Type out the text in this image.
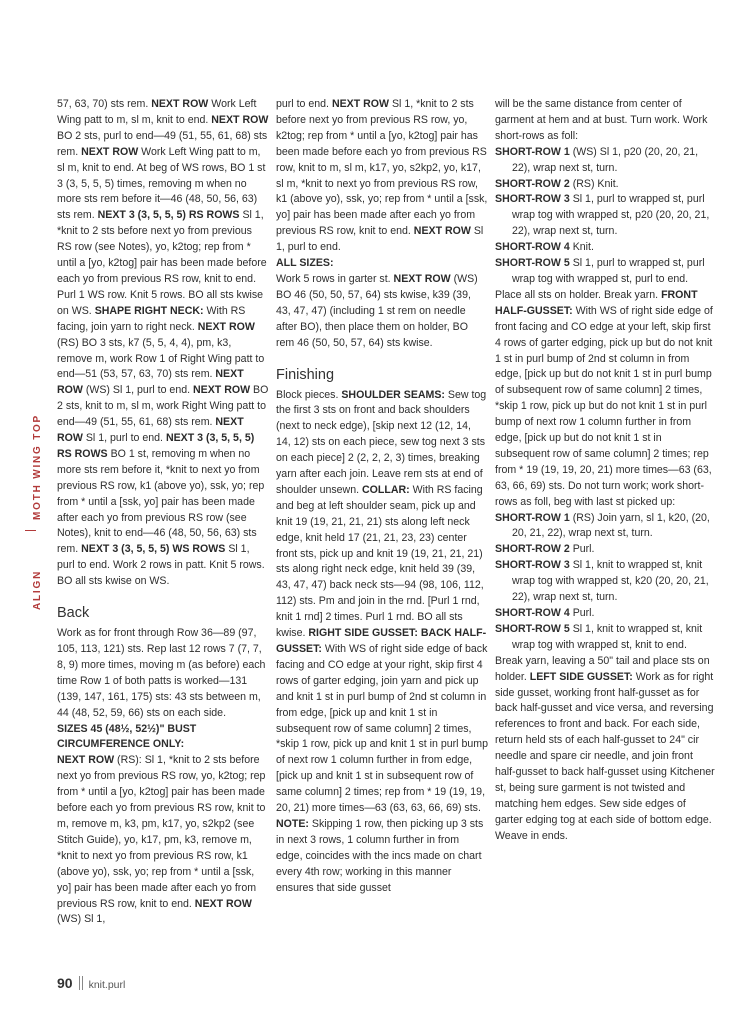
MOTH WING TOP
ALIGN

57, 63, 70) sts rem. NEXT ROW Work Left Wing patt to m, sl m, knit to end. NEXT ROW BO 2 sts, purl to end—49 (51, 55, 61, 68) sts rem. NEXT ROW Work Left Wing patt to m, sl m, knit to end. At beg of WS rows, BO 1 st 3 (3, 5, 5, 5) times, removing m when no more sts rem before it—46 (48, 50, 56, 63) sts rem. NEXT 3 (3, 5, 5, 5) RS ROWS Sl 1, *knit to 2 sts before next yo from previous RS row (see Notes), yo, k2tog; rep from * until a [yo, k2tog] pair has been made before each yo from previous RS row, knit to end. Purl 1 WS row. Knit 5 rows. BO all sts kwise on WS. SHAPE RIGHT NECK: With RS facing, join yarn to right neck. NEXT ROW (RS) BO 3 sts, k7 (5, 5, 4, 4), pm, k3, remove m, work Row 1 of Right Wing patt to end—51 (53, 57, 63, 70) sts rem. NEXT ROW (WS) Sl 1, purl to end. NEXT ROW BO 2 sts, knit to m, sl m, work Right Wing patt to end—49 (51, 55, 61, 68) sts rem. NEXT ROW Sl 1, purl to end. NEXT 3 (3, 5, 5, 5) RS ROWS BO 1 st, removing m when no more sts rem before it, *knit to next yo from previous RS row, k1 (above yo), ssk, yo; rep from * until a [ssk, yo] pair has been made after each yo from previous RS row (see Notes), knit to end—46 (48, 50, 56, 63) sts rem. NEXT 3 (3, 5, 5, 5) WS ROWS Sl 1, purl to end. Work 2 rows in patt. Knit 5 rows. BO all sts kwise on WS.

Back

Work as for front through Row 36—89 (97, 105, 113, 121) sts. Rep last 12 rows 7 (7, 7, 8, 9) more times, moving m (as before) each time Row 1 of both patts is worked—131 (139, 147, 161, 175) sts: 43 sts between m, 44 (48, 52, 59, 66) sts on each side.

SIZES 45 (48½, 52½)" BUST CIRCUMFERENCE ONLY:

NEXT ROW (RS): Sl 1, *knit to 2 sts before next yo from previous RS row, yo, k2tog; rep from * until a [yo, k2tog] pair has been made before each yo from previous RS row, knit to m, remove m, k3, pm, k17, yo, s2kp2 (see Stitch Guide), yo, k17, pm, k3, remove m, *knit to next yo from previous RS row, k1 (above yo), ssk, yo; rep from * until a [ssk, yo] pair has been made after each yo from previous RS row, knit to end. NEXT ROW (WS) Sl 1,

purl to end. NEXT ROW Sl 1, *knit to 2 sts before next yo from previous RS row, yo, k2tog; rep from * until a [yo, k2tog] pair has been made before each yo from previous RS row, knit to m, sl m, k17, yo, s2kp2, yo, k17, sl m, *knit to next yo from previous RS row, k1 (above yo), ssk, yo; rep from * until a [ssk, yo] pair has been made after each yo from previous RS row, knit to end. NEXT ROW Sl 1, purl to end.

ALL SIZES:

Work 5 rows in garter st. NEXT ROW (WS) BO 46 (50, 50, 57, 64) sts kwise, k39 (39, 43, 47, 47) (including 1 st rem on needle after BO), then place them on holder, BO rem 46 (50, 50, 57, 64) sts kwise.

Finishing

Block pieces. SHOULDER SEAMS: Sew tog the first 3 sts on front and back shoulders (next to neck edge), [skip next 12 (12, 14, 14, 12) sts on each piece, sew tog next 3 sts on each piece] 2 (2, 2, 2, 3) times, breaking yarn after each join. Leave rem sts at end of shoulder unsewn. COLLAR: With RS facing and beg at left shoulder seam, pick up and knit 19 (19, 21, 21, 21) sts along left neck edge, knit held 17 (21, 21, 23, 23) center front sts, pick up and knit 19 (19, 21, 21, 21) sts along right neck edge, knit held 39 (39, 43, 47, 47) back neck sts—94 (98, 106, 112, 112) sts. Pm and join in the rnd. [Purl 1 rnd, knit 1 rnd] 2 times. Purl 1 rnd. BO all sts kwise. RIGHT SIDE GUSSET: BACK HALF-GUSSET: With WS of right side edge of back facing and CO edge at your right, skip first 4 rows of garter edging, join yarn and pick up and knit 1 st in purl bump of 2nd st column in from edge, [pick up and knit 1 st in subsequent row of same column] 2 times, *skip 1 row, pick up and knit 1 st in purl bump of next row 1 column further in from edge, [pick up and knit 1 st in subsequent row of same column] 2 times; rep from * 19 (19, 19, 20, 21) more times—63 (63, 63, 66, 69) sts. NOTE: Skipping 1 row, then picking up 3 sts in next 3 rows, 1 column further in from edge, coincides with the incs made on chart every 4th row; working in this manner ensures that side gusset

will be the same distance from center of garment at hem and at bust. Turn work. Work short-rows as foll:

SHORT-ROW 1 (WS) Sl 1, p20 (20, 20, 21, 22), wrap next st, turn.

SHORT-ROW 2 (RS) Knit.

SHORT-ROW 3 Sl 1, purl to wrapped st, purl wrap tog with wrapped st, p20 (20, 20, 21, 22), wrap next st, turn.

SHORT-ROW 4 Knit.

SHORT-ROW 5 Sl 1, purl to wrapped st, purl wrap tog with wrapped st, purl to end.

Place all sts on holder. Break yarn. FRONT HALF-GUSSET: With WS of right side edge of front facing and CO edge at your left, skip first 4 rows of garter edging, pick up but do not knit 1 st in purl bump of 2nd st column in from edge, [pick up but do not knit 1 st in purl bump of subsequent row of same column] 2 times, *skip 1 row, pick up but do not knit 1 st in purl bump of next row 1 column further in from edge, [pick up but do not knit 1 st in subsequent row of same column] 2 times; rep from * 19 (19, 19, 20, 21) more times—63 (63, 63, 66, 69) sts. Do not turn work; work short-rows as foll, beg with last st picked up:

SHORT-ROW 1 (RS) Join yarn, sl 1, k20, (20, 20, 21, 22), wrap next st, turn.

SHORT-ROW 2 Purl.

SHORT-ROW 3 Sl 1, knit to wrapped st, knit wrap tog with wrapped st, k20 (20, 20, 21, 22), wrap next st, turn.

SHORT-ROW 4 Purl.

SHORT-ROW 5 Sl 1, knit to wrapped st, knit wrap tog with wrapped st, knit to end.

Break yarn, leaving a 50" tail and place sts on holder. LEFT SIDE GUSSET: Work as for right side gusset, working front half-gusset as for back half-gusset and vice versa, and reversing references to front and back. For each side, return held sts of each half-gusset to 24" cir needle and spare cir needle, and join front half-gusset to back half-gusset using Kitchener st, being sure garment is not twisted and matching hem edges. Sew side edges of garter edging tog at each side of bottom edge. Weave in ends.

90 knit.purl
